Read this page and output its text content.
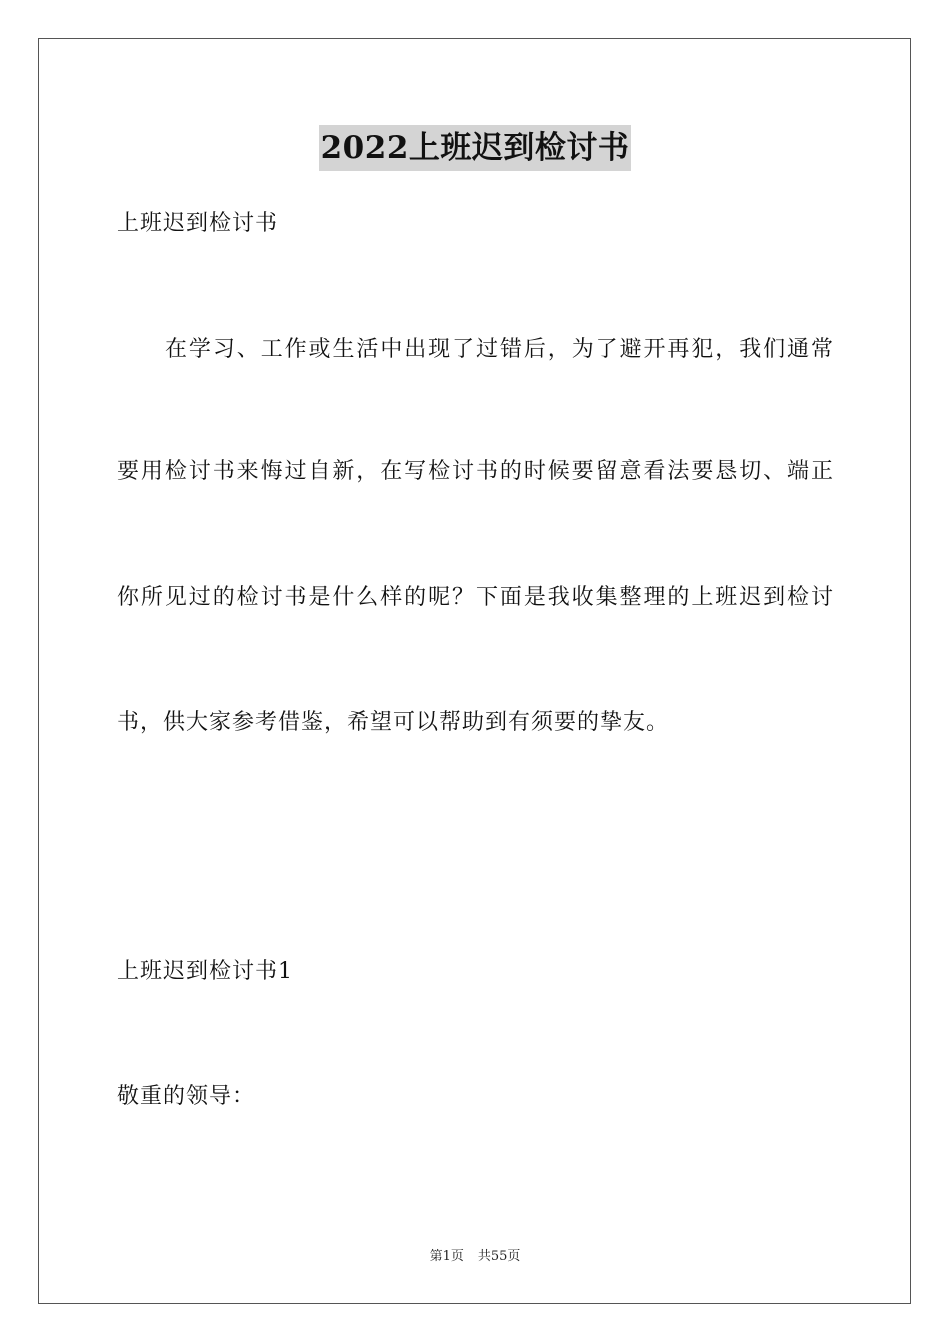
2022上班迟到检讨书
上班迟到检讨书
在学习、工作或生活中出现了过错后，为了避开再犯，我们通常
要用检讨书来悔过自新，在写检讨书的时候要留意看法要恳切、端正
你所见过的检讨书是什么样的呢？下面是我收集整理的上班迟到检讨
书，供大家参考借鉴，希望可以帮助到有须要的挚友。
上班迟到检讨书1
敬重的领导：
第1页 共55页
